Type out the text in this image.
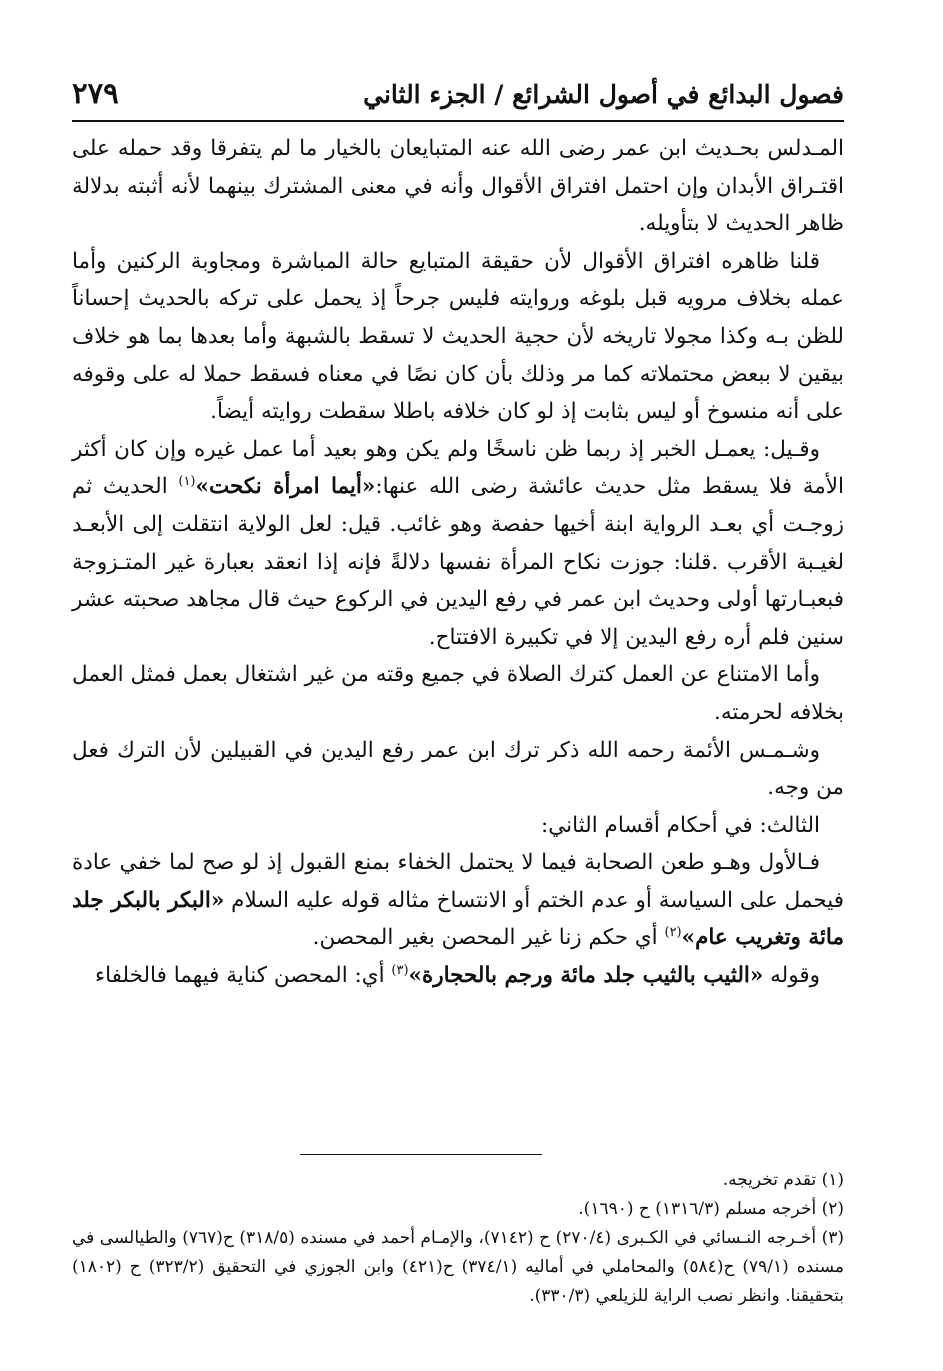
فصول البدائع في أصول الشرائع / الجزء الثاني
٢٧٩

المـدلس بحـديث ابن عمر رضى الله عنه المتبايعان بالخيار ما لم يتفرقا وقد حمله على اقتـراق الأبدان وإن احتمل افتراق الأقوال وأنه في معنى المشترك بينهما لأنه أثبته بدلالة ظاهر الحديث لا بتأويله.

قلنا ظاهره افتراق الأقوال لأن حقيقة المتبايع حالة المباشرة ومجاوبة الركنين وأما عمله بخلاف مرويه قبل بلوغه وروايته فليس جرحاً إذ يحمل على تركه بالحديث إحساناً للظن بـه وكذا مجولا تاريخه لأن حجية الحديث لا تسقط بالشبهة وأما بعدها بما هو خلاف بيقين لا ببعض محتملاته كما مر وذلك بأن كان نصًا في معناه فسقط حملا له على وقوفه على أنه منسوخ أو ليس بثابت إذ لو كان خلافه باطلا سقطت روايته أيضاً.

وقـيل: يعمـل الخبر إذ ربما ظن ناسخًا ولم يكن وهو بعيد أما عمل غيره وإن كان أكثر الأمة فلا يسقط مثل حديث عائشة رضى الله عنها:«أيما امرأة نكحت»$^{(١)}$ الحديث ثم زوجـت أي بعـد الرواية ابنة أخيها حفصة وهو غائب. قيل: لعل الولاية انتقلت إلى الأبعـد لغيـبة الأقرب .قلنا: جوزت نكاح المرأة نفسها دلالةً فإنه إذا انعقد بعبارة غير المتـزوجة فبعبـارتها أولى وحديث ابن عمر في رفع اليدين في الركوع حيث قال مجاهد صحبته عشر سنين فلم أره رفع اليدين إلا في تكبيرة الافتتاح.

وأما الامتناع عن العمل كترك الصلاة في جميع وقته من غير اشتغال بعمل فمثل العمل بخلافه لحرمته.

وشـمـس الأئمة رحمه الله ذكر ترك ابن عمر رفع اليدين في القبيلين لأن الترك فعل من وجه.

الثالث: في أحكام أقسام الثاني:

فـالأول وهـو طعن الصحابة فيما لا يحتمل الخفاء بمنع القبول إذ لو صح لما خفي عادة فيحمل على السياسة أو عدم الختم أو الانتساخ مثاله قوله عليه السلام «البكر بالبكر جلد مائة وتغريب عام»$^{(٢)}$ أي حكم زنا غير المحصن بغير المحصن.

وقوله «الثيب بالثيب جلد مائة ورجم بالحجارة»$^{(٣)}$ أي: المحصن كناية فيهما فالخلفاء

(١) تقدم تخريجه.

(٢) أخرجه مسلم (١٣١٦/٣) ح (١٦٩٠).

(٣) أخـرجه النـسائي في الكـبرى (٢٧٠/٤) ح (٧١٤٢)، والإمـام أحمد في مسنده (٣١٨/٥) ح(٧٦٧) والطيالسى في مسنده (٧٩/١) ح(٥٨٤) والمحاملي في أماليه (٣٧٤/١) ح(٤٢١) وابن الجوزي في التحقيق (٣٢٣/٢) ح (١٨٠٢) بتحقيقنا. وانظر نصب الراية للزيلعي (٣٣٠/٣).
